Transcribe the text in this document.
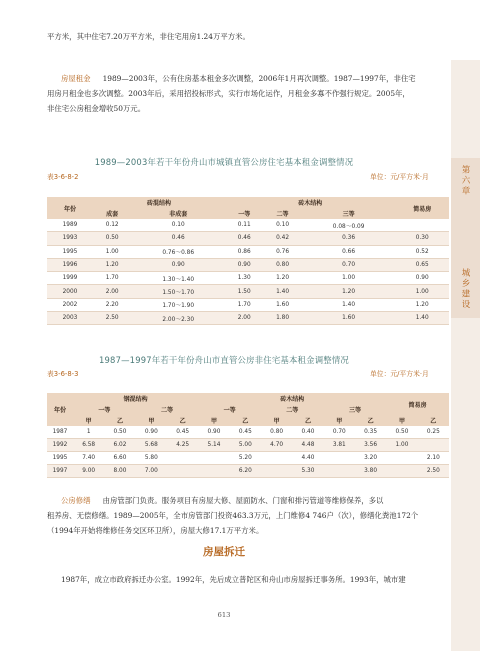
第六章
城乡建设

平方米，其中住宅7.20万平方米，非住宅用房1.24万平方米。

房屋租金 1989—2003年，公有住房基本租金多次调整，2006年1月再次调整。1987—1997年，非住宅

用房月租金也多次调整。2003年后，采用招投标形式，实行市场化运作，月租金多寡不作强行规定。2005年，

非住宅公房租金增收50万元。

1989—2003年若干年份舟山市城镇直管公房住宅基本租金调整情况
表3-6-8-2	单位：元/平方米·月
年份	砖混结构		砖木结构			简易房
	成套	非成套	一等	二等	三等	
1989	0.12	0.10	0.11	0.10	0.08～0.09	
1993	0.50	0.46	0.46	0.42	0.36	0.30
1995	1.00	0.76～0.86	0.86	0.76	0.66	0.52
1996	1.20	0.90	0.90	0.80	0.70	0.65
1999	1.70	1.30～1.40	1.30	1.20	1.00	0.90
2000	2.00	1.50～1.70	1.50	1.40	1.20	1.00
2002	2.20	1.70～1.90	1.70	1.60	1.40	1.20
2003	2.50	2.00～2.30	2.00	1.80	1.60	1.40
1987—1997年若干年份舟山市直管公房非住宅基本租金调整情况
表3-6-8-3	单位：元/平方米·月
年份	钢混结构				砖木结构						简易房	
	一等		二等		一等		二等		三等			
	甲	乙	甲	乙	甲	乙	甲	乙	甲	乙	甲	乙
1987	1	0.50	0.90	0.45	0.90	0.45	0.80	0.40	0.70	0.35	0.50	0.25
1992	6.58	6.02	5.68	4.25	5.14	5.00	4.70	4.48	3.81	3.56	1.00	
1995	7.40	6.60	5.80			5.20		4.40		3.20		2.10
1997	9.00	8.00	7.00			6.20		5.30		3.80		2.50

公房修缮 由房管部门负责。服务项目有房屋大修、屋面防水、门窗和排污管道等维修保养，多以

租养房、无偿修缮。1989—2005年，全市房管部门投资463.3万元，上门维修4 746户（次），修缮化粪池172个

（1994年开始将维修任务交区环卫所），房屋大修17.1万平方米。

房屋拆迁

1987年，成立市政府拆迁办公室。1992年，先后成立普陀区和舟山市房屋拆迁事务所。1993年，城市建

613
